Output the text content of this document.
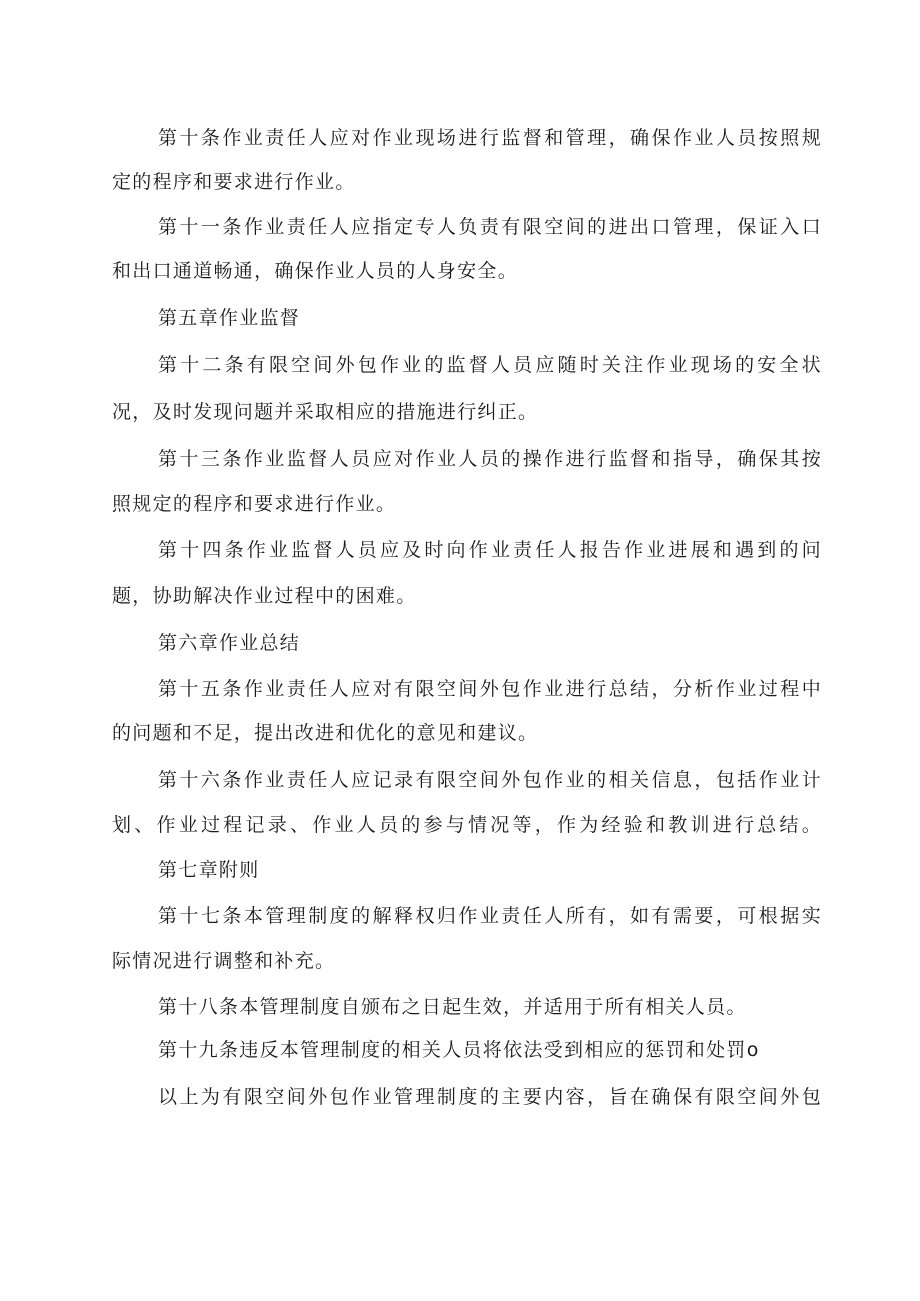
第十条作业责任人应对作业现场进行监督和管理，确保作业人员按照规
定的程序和要求进行作业。
第十一条作业责任人应指定专人负责有限空间的进出口管理，保证入口
和出口通道畅通，确保作业人员的人身安全。
第五章作业监督
第十二条有限空间外包作业的监督人员应随时关注作业现场的安全状
况，及时发现问题并采取相应的措施进行纠正。
第十三条作业监督人员应对作业人员的操作进行监督和指导，确保其按
照规定的程序和要求进行作业。
第十四条作业监督人员应及时向作业责任人报告作业进展和遇到的问
题，协助解决作业过程中的困难。
第六章作业总结
第十五条作业责任人应对有限空间外包作业进行总结，分析作业过程中
的问题和不足，提出改进和优化的意见和建议。
第十六条作业责任人应记录有限空间外包作业的相关信息，包括作业计
划、作业过程记录、作业人员的参与情况等，作为经验和教训进行总结。
第七章附则
第十七条本管理制度的解释权归作业责任人所有，如有需要，可根据实
际情况进行调整和补充。
第十八条本管理制度自颁布之日起生效，并适用于所有相关人员。
第十九条违反本管理制度的相关人员将依法受到相应的惩罚和处罚o
以上为有限空间外包作业管理制度的主要内容，旨在确保有限空间外包
